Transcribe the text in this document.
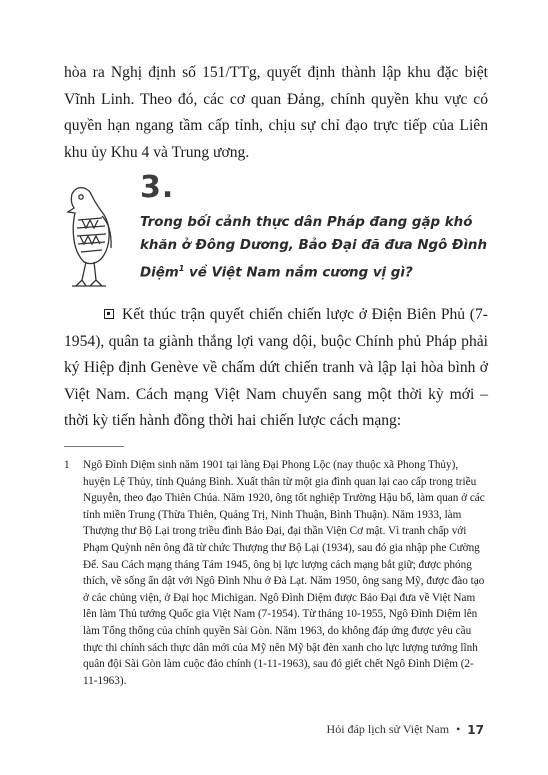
hòa ra Nghị định số 151/TTg, quyết định thành lập khu đặc biệt Vĩnh Linh. Theo đó, các cơ quan Đảng, chính quyền khu vực có quyền hạn ngang tầm cấp tỉnh, chịu sự chỉ đạo trực tiếp của Liên khu ủy Khu 4 và Trung ương.

3.

Trong bối cảnh thực dân Pháp đang gặp khó khăn ở Đông Dương, Bảo Đại đã đưa Ngô Đình Diệm$^1$ về Việt Nam nắm cương vị gì?

Kết thúc trận quyết chiến chiến lược ở Điện Biên Phủ (7-1954), quân ta giành thắng lợi vang dội, buộc Chính phủ Pháp phải ký Hiệp định Genève về chấm dứt chiến tranh và lập lại hòa bình ở Việt Nam. Cách mạng Việt Nam chuyển sang một thời kỳ mới – thời kỳ tiến hành đồng thời hai chiến lược cách mạng:

1 Ngô Đình Diệm sinh năm 1901 tại làng Đại Phong Lộc (nay thuộc xã Phong Thủy), huyện Lệ Thủy, tỉnh Quảng Bình. Xuất thân từ một gia đình quan lại cao cấp trong triều Nguyễn, theo đạo Thiên Chúa. Năm 1920, ông tốt nghiệp Trường Hậu bổ, làm quan ở các tỉnh miền Trung (Thừa Thiên, Quảng Trị, Ninh Thuận, Bình Thuận). Năm 1933, làm Thượng thư Bộ Lại trong triều đình Bảo Đại, đại thần Viện Cơ mật. Vì tranh chấp với Phạm Quỳnh nên ông đã từ chức Thượng thư Bộ Lại (1934), sau đó gia nhập phe Cường Để. Sau Cách mạng tháng Tám 1945, ông bị lực lượng cách mạng bắt giữ; được phóng thích, về sống ẩn dật với Ngô Đình Nhu ở Đà Lạt. Năm 1950, ông sang Mỹ, được đào tạo ở các chủng viện, ở Đại học Michigan. Ngô Đình Diệm được Bảo Đại đưa về Việt Nam lên làm Thủ tướng Quốc gia Việt Nam (7-1954). Từ tháng 10-1955, Ngô Đình Diệm lên làm Tổng thống của chính quyền Sài Gòn. Năm 1963, do không đáp ứng được yêu cầu thực thi chính sách thực dân mới của Mỹ nên Mỹ bật đèn xanh cho lực lượng tướng lĩnh quân đội Sài Gòn làm cuộc đảo chính (1-11-1963), sau đó giết chết Ngô Đình Diệm (2-11-1963).

Hỏi đáp lịch sử Việt Nam • 17
